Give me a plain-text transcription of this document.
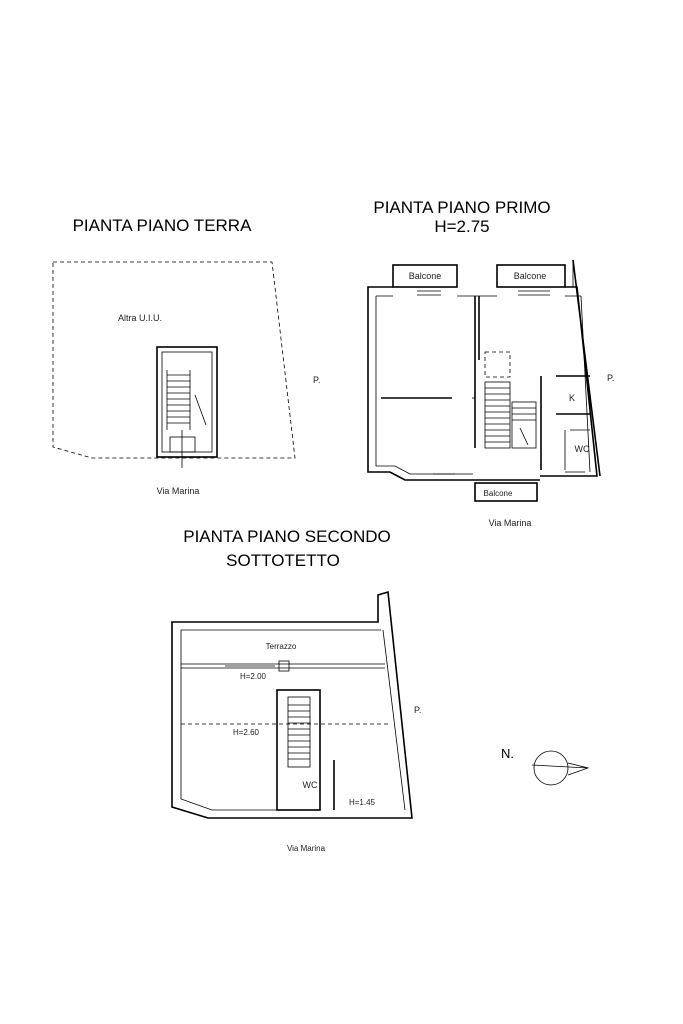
PIANTA PIANO TERRA
Altra U.I.U.
Via Marina
P.
PIANTA PIANO PRIMO
H=2.75
Balcone	Balcone
Balcone
K
WC
P.
Via Marina
PIANTA PIANO SECONDO
SOTTOTETTO
Terrazzo
H=2.00
H=2.60
WC
H=1.45
P.
Via Marina
N.
